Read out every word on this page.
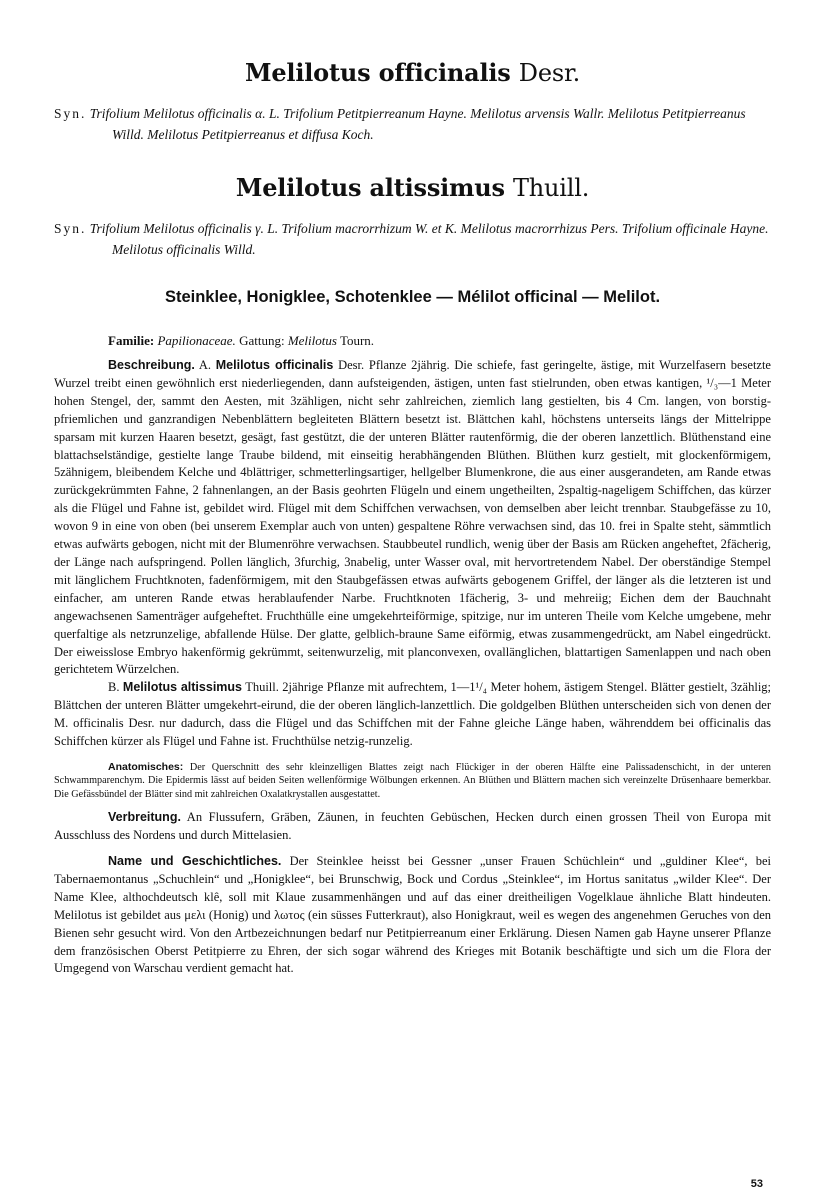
Melilotus officinalis Desr.

Syn. Trifolium Melilotus officinalis α. L. Trifolium Petitpierreanum Hayne. Melilotus arvensis Wallr. Melilotus Petitpierreanus Willd. Melilotus Petitpierreanus et diffusa Koch.

Melilotus altissimus Thuill.

Syn. Trifolium Melilotus officinalis γ. L. Trifolium macrorrhizum W. et K. Melilotus macrorrhizus Pers. Trifolium officinale Hayne. Melilotus officinalis Willd.

Steinklee, Honigklee, Schotenklee — Mélilot officinal — Melilot.

Familie: Papilionaceae. Gattung: Melilotus Tourn.

Beschreibung. A. Melilotus officinalis Desr. Pflanze 2jährig. Die schiefe, fast geringelte, ästige, mit Wurzelfasern besetzte Wurzel treibt einen gewöhnlich erst niederliegenden, dann aufsteigenden, ästigen, unten fast stielrunden, oben etwas kantigen, ¹/₃—1 Meter hohen Stengel, der, sammt den Aesten, mit 3zähligen, nicht sehr zahlreichen, ziemlich lang gestielten, bis 4 Cm. langen, von borstig-pfriemlichen und ganzrandigen Nebenblättern begleiteten Blättern besetzt ist. Blättchen kahl, höchstens unterseits längs der Mittelrippe sparsam mit kurzen Haaren besetzt, gesägt, fast gestützt, die der unteren Blätter rautenförmig, die der oberen lanzettlich. Blüthenstand eine blattachselständige, gestielte lange Traube bildend, mit einseitig herabhängenden Blüthen. Blüthen kurz gestielt, mit glockenförmigem, 5zähnigem, bleibendem Kelche und 4blättriger, schmetterlingsartiger, hellgelber Blumenkrone, die aus einer ausgerandeten, am Rande etwas zurückgekrümmten Fahne, 2 fahnenlangen, an der Basis geohrten Flügeln und einem ungetheilten, 2spaltig-nageligem Schiffchen, das kürzer als die Flügel und Fahne ist, gebildet wird. Flügel mit dem Schiffchen verwachsen, von demselben aber leicht trennbar. Staubgefässe zu 10, wovon 9 in eine von oben (bei unserem Exemplar auch von unten) gespaltene Röhre verwachsen sind, das 10. frei in Spalte steht, sämmtlich etwas aufwärts gebogen, nicht mit der Blumenröhre verwachsen. Staubbeutel rundlich, wenig über der Basis am Rücken angeheftet, 2fächerig, der Länge nach aufspringend. Pollen länglich, 3furchig, 3nabelig, unter Wasser oval, mit hervortretendem Nabel. Der oberständige Stempel mit länglichem Fruchtknoten, fadenförmigem, mit den Staubgefässen etwas aufwärts gebogenem Griffel, der länger als die letzteren ist und einfacher, am unteren Rande etwas herablaufender Narbe. Fruchtknoten 1fächerig, 3- und mehreiig; Eichen dem der Bauchnaht angewachsenen Samenträger aufgeheftet. Fruchthülle eine umgekehrteiförmige, spitzige, nur im unteren Theile vom Kelche umgebene, mehr querfaltige als netzrunzelige, abfallende Hülse. Der glatte, gelblich-braune Same eiförmig, etwas zusammengedrückt, am Nabel eingedrückt. Der eiweisslose Embryo hakenförmig gekrümmt, seitenwurzelig, mit planconvexen, ovallänglichen, blattartigen Samenlappen und nach oben gerichtetem Würzelchen.

B. Melilotus altissimus Thuill. 2jährige Pflanze mit aufrechtem, 1—1¹/₄ Meter hohem, ästigem Stengel. Blätter gestielt, 3zählig; Blättchen der unteren Blätter umgekehrt-eirund, die der oberen länglich-lanzettlich. Die goldgelben Blüthen unterscheiden sich von denen der M. officinalis Desr. nur dadurch, dass die Flügel und das Schiffchen mit der Fahne gleiche Länge haben, währenddem bei officinalis das Schiffchen kürzer als Flügel und Fahne ist. Fruchthülse netzig-runzelig.

Anatomisches: Der Querschnitt des sehr kleinzelligen Blattes zeigt nach Flückiger in der oberen Hälfte eine Palissadenschicht, in der unteren Schwammparenchym. Die Epidermis lässt auf beiden Seiten wellenförmige Wölbungen erkennen. An Blüthen und Blättern machen sich vereinzelte Drüsenhaare bemerkbar. Die Gefässbündel der Blätter sind mit zahlreichen Oxalatkrystallen ausgestattet.

Verbreitung. An Flussufern, Gräben, Zäunen, in feuchten Gebüschen, Hecken durch einen grossen Theil von Europa mit Ausschluss des Nordens und durch Mittelasien.

Name und Geschichtliches. Der Steinklee heisst bei Gessner „unser Frauen Schüchlein“ und „guldiner Klee“, bei Tabernaemontanus „Schuchlein“ und „Honigklee“, bei Brunschwig, Bock und Cordus „Steinklee“, im Hortus sanitatus „wilder Klee“. Der Name Klee, althochdeutsch klê, soll mit Klaue zusammenhängen und auf das einer dreitheiligen Vogelklaue ähnliche Blatt hindeuten. Melilotus ist gebildet aus μελι (Honig) und λωτος (ein süsses Futterkraut), also Honigkraut, weil es wegen des angenehmen Geruches von den Bienen sehr gesucht wird. Von den Artbezeichnungen bedarf nur Petitpierreanum einer Erklärung. Diesen Namen gab Hayne unserer Pflanze dem französischen Oberst Petitpierre zu Ehren, der sich sogar während des Krieges mit Botanik beschäftigte und sich um die Flora der Umgegend von Warschau verdient gemacht hat.

53
